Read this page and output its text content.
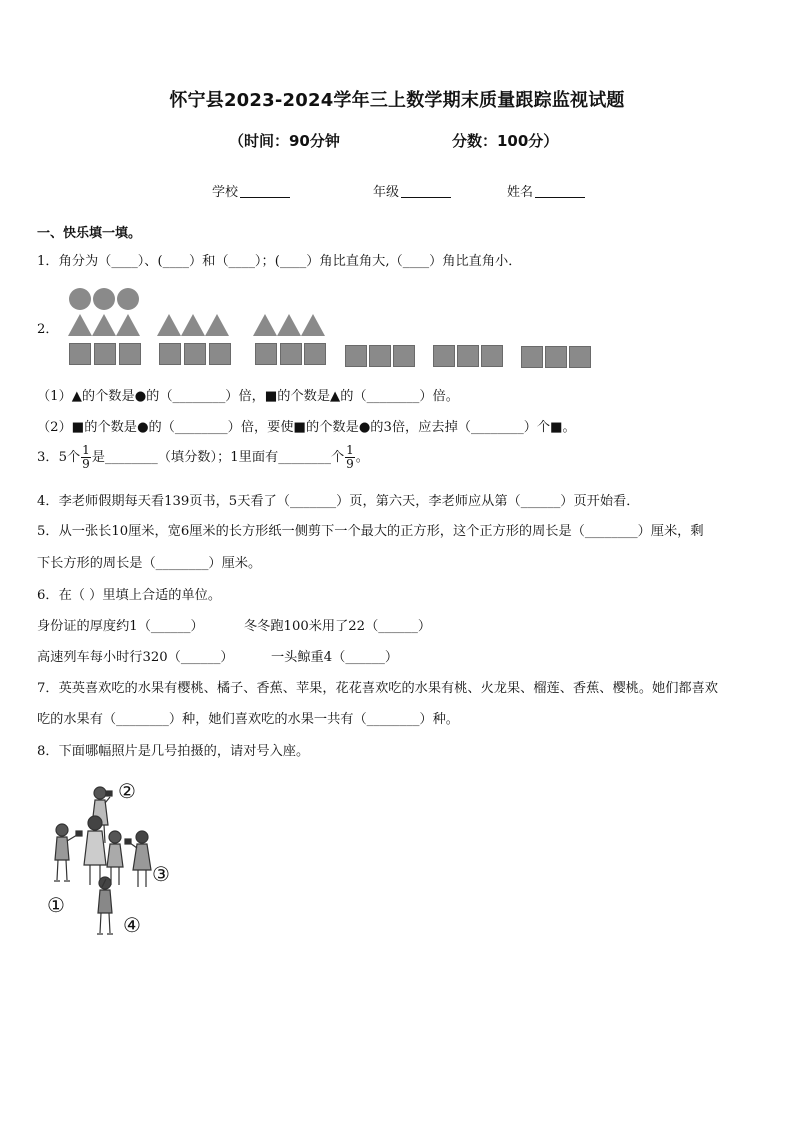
怀宁县2023-2024学年三上数学期末质量跟踪监视试题
（时间：90分钟	分数：100分）
学校	年级	姓名
一、快乐填一填。
1．角分为（____）、(____）和（____）；(____）角比直角大,（____）角比直角小．
2．
（1）▲的个数是●的（________）倍，■的个数是▲的（________）倍。
（2）■的个数是●的（________）倍，要使■的个数是●的3倍，应去掉（________）个■。
3．5个 $\frac{1}{9}$ 是________（填分数）；1里面有________个 $\frac{1}{9}$ 。
4．李老师假期每天看139页书，5天看了（_______）页，第六天，李老师应从第（______）页开始看．
5．从一张长10厘米，宽6厘米的长方形纸一侧剪下一个最大的正方形，这个正方形的周长是（________）厘米，剩
下长方形的周长是（________）厘米。
6．在（ ）里填上合适的单位。
身份证的厚度约1（______）	冬冬跑100米用了22（______）
高速列车每小时行320（______）	一头鲸重4（______）
7．英英喜欢吃的水果有樱桃、橘子、香蕉、苹果，花花喜欢吃的水果有桃、火龙果、榴莲、香蕉、樱桃。她们都喜欢
吃的水果有（________）种，她们喜欢吃的水果一共有（________）种。
8．下面哪幅照片是几号拍摄的，请对号入座。
②
③
①
④
